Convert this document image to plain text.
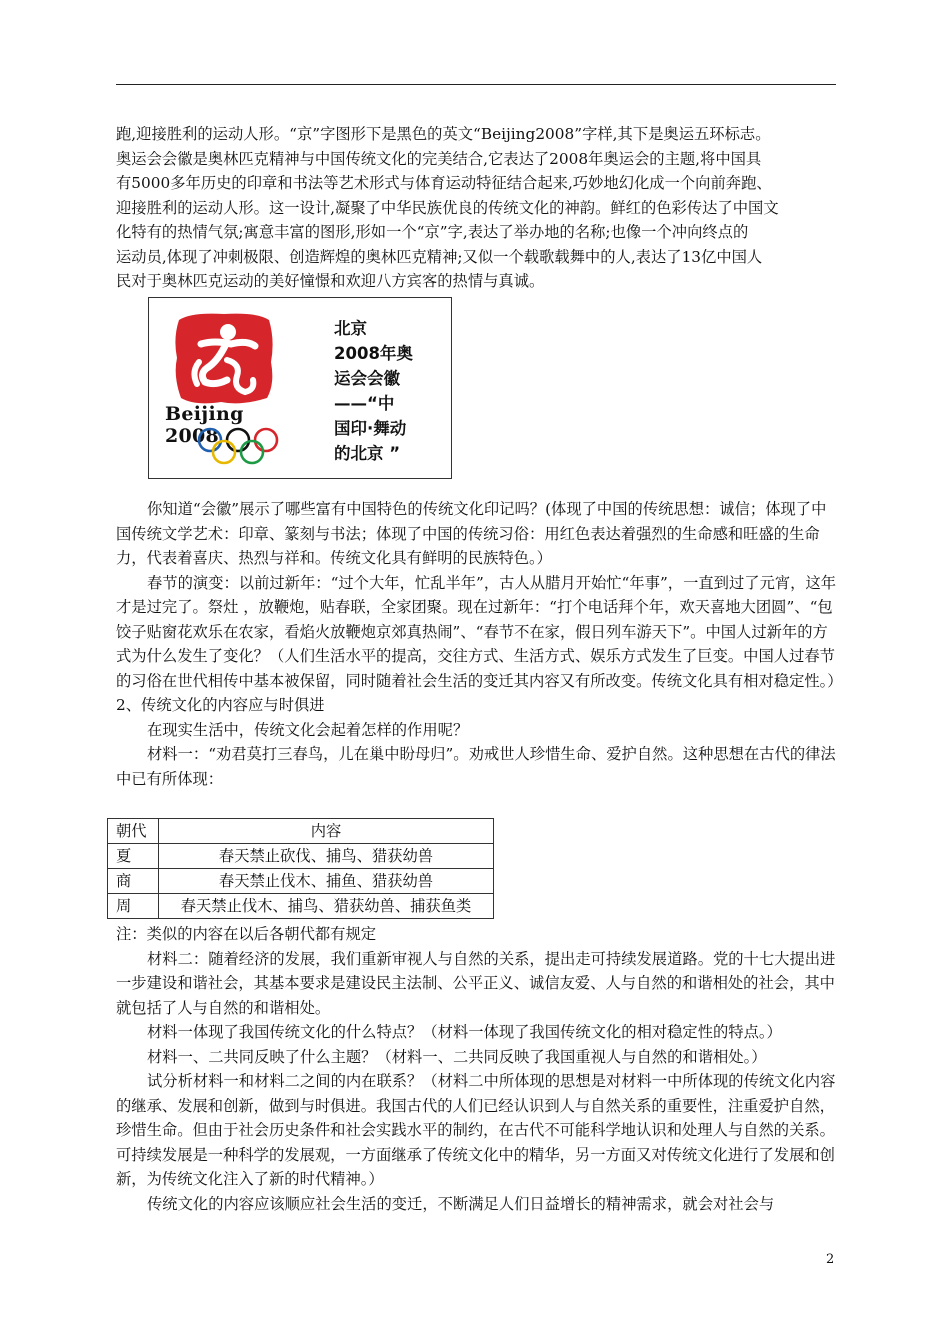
跑,迎接胜利的运动人形。“京”字图形下是黑色的英文“Beijing2008”字样,其下是奥运五环标志。

奥运会会徽是奥林匹克精神与中国传统文化的完美结合,它表达了2008年奥运会的主题,将中国具

有5000多年历史的印章和书法等艺术形式与体育运动特征结合起来,巧妙地幻化成一个向前奔跑、

迎接胜利的运动人形。这一设计,凝聚了中华民族优良的传统文化的神韵。鲜红的色彩传达了中国文

化特有的热情气氛;寓意丰富的图形,形如一个“京”字,表达了举办地的名称;也像一个冲向终点的

运动员,体现了冲刺极限、创造辉煌的奥林匹克精神;又似一个载歌载舞中的人,表达了13亿中国人

民对于奥林匹克运动的美好憧憬和欢迎八方宾客的热情与真诚。

Beijing 2008
北京
2008年奥
运会会徽
——“中
国印·舞动
的北京 ”

你知道“会徽”展示了哪些富有中国特色的传统文化印记吗？(体现了中国的传统思想：诚信；体现了中国传统文学艺术：印章、篆刻与书法；体现了中国的传统习俗：用红色表达着强烈的生命感和旺盛的生命力，代表着喜庆、热烈与祥和。传统文化具有鲜明的民族特色。）

春节的演变：以前过新年：“过个大年，忙乱半年”，古人从腊月开始忙“年事”，一直到过了元宵，这年才是过完了。祭灶 ，放鞭炮，贴春联，全家团聚。现在过新年：“打个电话拜个年，欢天喜地大团圆”、“包饺子贴窗花欢乐在农家，看焰火放鞭炮京郊真热闹”、“春节不在家，假日列车游天下”。中国人过新年的方式为什么发生了变化？（人们生活水平的提高，交往方式、生活方式、娱乐方式发生了巨变。中国人过春节的习俗在世代相传中基本被保留，同时随着社会生活的变迁其内容又有所改变。传统文化具有相对稳定性。）

2、传统文化的内容应与时俱进

在现实生活中，传统文化会起着怎样的作用呢？

材料一：“劝君莫打三春鸟，儿在巢中盼母归”。劝戒世人珍惜生命、爱护自然。这种思想在古代的律法中已有所体现：

朝代	内容
夏	春天禁止砍伐、捕鸟、猎获幼兽
商	春天禁止伐木、捕鱼、猎获幼兽
周	春天禁止伐木、捕鸟、猎获幼兽、捕获鱼类

注：类似的内容在以后各朝代都有规定

材料二：随着经济的发展，我们重新审视人与自然的关系，提出走可持续发展道路。党的十七大提出进一步建设和谐社会，其基本要求是建设民主法制、公平正义、诚信友爱、人与自然的和谐相处的社会，其中就包括了人与自然的和谐相处。

材料一体现了我国传统文化的什么特点？（材料一体现了我国传统文化的相对稳定性的特点。）

材料一、二共同反映了什么主题？（材料一、二共同反映了我国重视人与自然的和谐相处。）

试分析材料一和材料二之间的内在联系？（材料二中所体现的思想是对材料一中所体现的传统文化内容的继承、发展和创新，做到与时俱进。我国古代的人们已经认识到人与自然关系的重要性，注重爱护自然，珍惜生命。但由于社会历史条件和社会实践水平的制约，在古代不可能科学地认识和处理人与自然的关系。可持续发展是一种科学的发展观，一方面继承了传统文化中的精华，另一方面又对传统文化进行了发展和创新，为传统文化注入了新的时代精神。）

传统文化的内容应该顺应社会生活的变迁，不断满足人们日益增长的精神需求，就会对社会与

2
